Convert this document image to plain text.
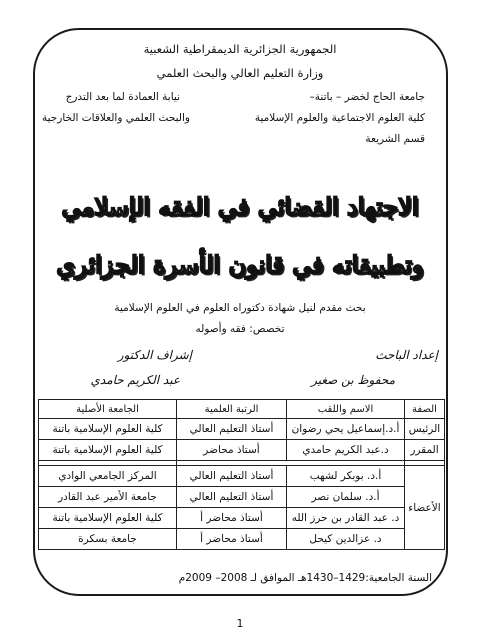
الجمهورية الجزائرية الديمقراطية الشعبية
وزارة التعليم العالي والبحث العلمي
جامعة الحاج لخضر – باتنة–
كلية العلوم الاجتماعية والعلوم الإسلامية
قسم الشريعة
نيابة العمادة لما بعد التدرج
والبحث العلمي والعلاقات الخارجية
الاجتهاد القضائي في الفقه الإسلامي
وتطبيقاته في قانون الأسرة الجزائري
بحث مقدم لنيل شهادة دكتوراه العلوم في العلوم الإسلامية
تخصص: فقه وأصوله
إعداد الباحث
إشراف الدكتور
محفوظ بن صغير
عبد الكريم حامدي
الصفة	الاسم واللقب	الرتبة العلمية	الجامعة الأصلية
الرئيس	أ.د.إسماعيل يحي رضوان	أستاذ التعليم العالي	كلية العلوم الإسلامية باتنة
المقرر	د.عبد الكريم حامدي	أستاذ محاضر	كلية العلوم الإسلامية باتنة

الأعضاء	أ.د. بوبكر لشهب	أستاذ التعليم العالي	المركز الجامعي الوادي
	أ.د. سلمان نصر	أستاذ التعليم العالي	جامعة الأمير عبد القادر
	د. عبد القادر بن حرز الله	أستاذ محاضر أ	كلية العلوم الإسلامية باتنة
	د. عزالدين كيحل	أستاذ محاضر أ	جامعة بسكرة
السنة الجامعية:1429–1430هـ الموافق لـ 2008– 2009م
1
